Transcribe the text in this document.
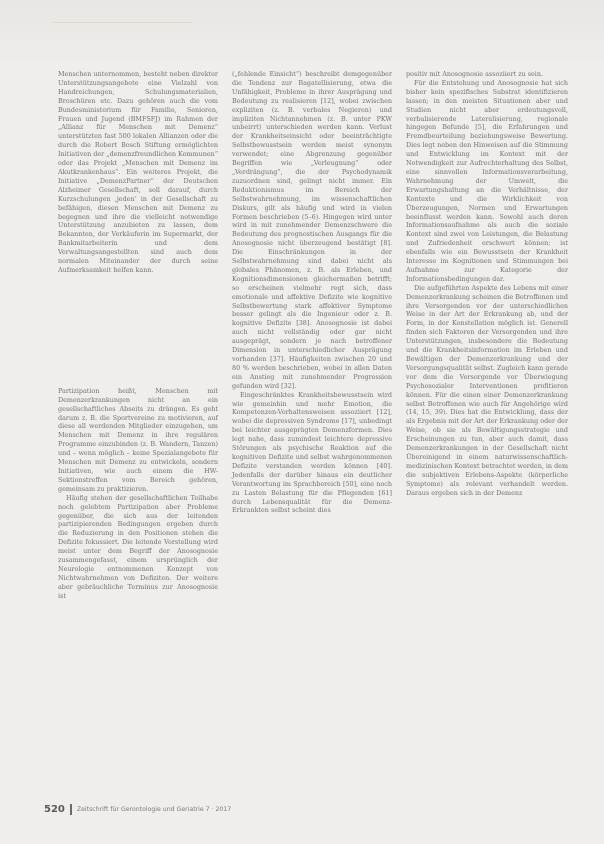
Menschen unternommen, besteht neben direkter Unterstützungsangebote eine Vielzahl von Handreichungen, Schulungsmaterialien, Broschüren etc. Dazu gehören auch die vom Bundesministerium für Familie, Senioren, Frauen und Jugend (BMFSFJ) im Rahmen der „Allianz für Menschen mit Demenz“ unterstützten fast 500 lokalen Allianzen oder die durch die Robert Bosch Stiftung ermöglichten Initiativen der „demenzfreundlichen Kommunen“ oder das Projekt „Menschen mit Demenz im Akutkrankenhaus“. Ein weiteres Projekt, die Initiative „DemenzPartner“ der Deutschen Alzheimer Gesellschaft, soll darauf, durch Kurzschulungen ‚jeden‘ in der Gesellschaft zu befähigen, diesen Menschen mit Demenz zu begegnen und ihre die vielleicht notwendige Unterstützung anzubieten zu lassen, dem Bekannten, der Verkäuferin im Supermarkt, der Bankmitarbeiterin und dem Verwaltungsangestellten sind auch dem normalen Miteinander der durch seine Aufmerksamkeit helfen kann.

Partizipation heißt, Menschen mit Demenzerkrankungen nicht an ein gesellschaftliches Abseits zu drängen. Es geht darum z. B. die Sportvereine zu motivieren, auf diese all werdenden Mitglieder einzugehen, um Menschen mit Demenz in ihre regulären Programme einzubinden (z. B. Wandern, Tanzen) und – wenn möglich – keine Spezialangebote für Menschen mit Demenz zu entwickeln, sondern Initiativen, wie auch einem die HW-Sektionstreffen vom Bereich gehören, gemeinsam zu praktizieren.

Häufig stehen der gesellschaftlichen Teilhabe noch gelebtem Partizipation aber Probleme gegenüber, die sich aus der leitenden partizipierenden Bedingungen ergeben durch die Reduzierung in den Positionen stehen die Defizite fokussiert. Die leitende Vorstellung wird meist unter dem Begriff der Anosognosie zusammengefasst, einem ursprünglich der Neurologie entnommenen Konzept von Nichtwahrnehmen von Defiziten. Der weitere aber gebräuchliche Terminus zur Anosognosie ist

(„fehlende Einsicht“) beschreibt demgegenüber die Tendenz zur Bagatellisierung, etwa die Unfähigkeit, Probleme in ihrer Ausprägung und Bedeutung zu realisieren [12], wobei zwischen expliziten (z. B. verbales Negieren) und impliziten Nichtannehmen (z. B. unter PKW unbeirrt) unterschieden werden kann. Verlust der Krankheitseinsicht oder beeinträchtigte Selbstbewusstsein werden meist synonym verwendet; eine Abgrenzung gegenüber Begriffen wie „Verleugnung“ oder „Verdrängung“, die der Psychodynamik zuzuordnen sind, gelingt nicht immer. Ein Reduktionismus im Bereich der Selbstwahrnehmung, im wissenschaftlichen Diskurs, gilt als häufig und wird in vielen Formen beschrieben (5–6). Hingegen wird unter wird in mit zunehmender Demenzschwere die Bedeutung des prognostischen Ausgangs für die Anosognosie nicht überzeugend bestätigt [8]. Die Einschränkungen in der Selbstwahrnehmung sind dabei nicht als globales Phänomen, z. B. als Erleben, und Kognitionsdimensionen gleichermaßen betrifft; so erscheinen vielmehr regt sich, dass emotionale und affektive Defizite wie kognitive Selbstbewertung stark affektiver Symptome besser gelingt als die Ingenieur oder z. B. kognitive Defizite [38]. Anosognosie ist dabei auch nicht vollständig oder gar nicht ausgeprägt, sondern je nach betroffener Dimension in unterschiedlicher Ausprägung vorhanden [37]. Häufigkeiten zwischen 20 und 80 % werden beschrieben, wobei in allen Daten ein Anstieg mit zunehmender Progression gefunden wird [32].

Eingeschränktes Krankheitsbewusstsein wird wie gemeinhin und mehr Emotion, die Kompetenzen-Verhaltensweisen assoziiert [12], wobei die depressiven Syndrome [17], unbedingt bei leichter ausgeprägten Demenzformen. Dies legt nahe, dass zumindest leichtere depressive Störungen als psychische Reaktion auf die kognitiven Defizite und selbst wahrgenommenen Defizite verstanden werden können [40]. Jedenfalls der darüber hinaus ein deutlicher Verantwortung im Sprachbereich [50], eine noch zu Lasten Belastung für die Pflegenden [61] durch Lebensqualität für die Demenz-Erkrankten selbst scheint dies

positiv mit Anosognosie assoziiert zu sein.

Für die Entstehung und Anosognosie hat sich bisher kein spezifisches Substrat identifizieren lassen; in den meisten Situationen aber und Studien nicht aber erdeutungsvoll, verbalisierende Lateralisierung, regionale hingegen Befunde [5], die Erfahrungen und Fremdbeurteilung beziehungsweise Bewertung. Dies legt neben den Hinweisen auf die Stimmung und Entwicklung im Kontext mit der Notwendigkeit zur Aufrechterhaltung des Selbst, eine sinnvollen Informationsverarbeitung, Wahrnehmung der Umwelt, die Erwartungshaltung an die Verhältnisse, der Kontexte und die Wirklichkeit von Überzeugungen, Normen und Erwartungen beeinflusst werden kann. Sowohl auch deren Informationsaufnahme als auch die soziale Kontext sind zwei von Leistungen, die Belastung und Zufriedenheit erschwert können; ist ebenfalls wie ein Bewusstsein der Krankheit Interesse im Kognitionen und Stimmungen bei Aufnahme zur Kategorie der Informationsbedingungen dar.

Die aufgeführten Aspekte des Lebens mit einer Demenzerkrankung scheinen die Betroffenen und ihre Versorgenden vor der unterschiedlichen Weise in der Art der Erkrankung ab, und der Form, in der Konstellation möglich ist. Generell finden sich Faktoren der Versorgenden und ihre Unterstützungen, insbesondere die Bedeutung und die Krankheitsinformation im Erleben und Bewältigen der Demenzerkrankung und der Versorgungsqualität selbst. Zugleich kann gerade vor dem die Versorgende vor Überwiegung Psychosozialer Interventionen profitieren können. Für die einen einer Demenzerkrankung selbst Betroffenen wie auch für Angehörige wird (14, 15, 39). Dies hat die Entwicklung, dass der als Ergebnis mit der Art der Erkrankung oder der Weise, ob sie als Bewältigungsstrategie und Erscheinungen zu tun, aber auch damit, dass Demenzerkrankungen in der Gesellschaft nicht Übereinigend in einem naturwissenschaftlich-medizinischen Kontext betrachtet werden, in dem die subjektiven Erlebens-Aspekte (körperliche Symptome) als relevant verhandelt werden. Daraus ergeben sich in der Demenz

520 Zeitschrift für Gerontologie und Geriatrie 7 · 2017
